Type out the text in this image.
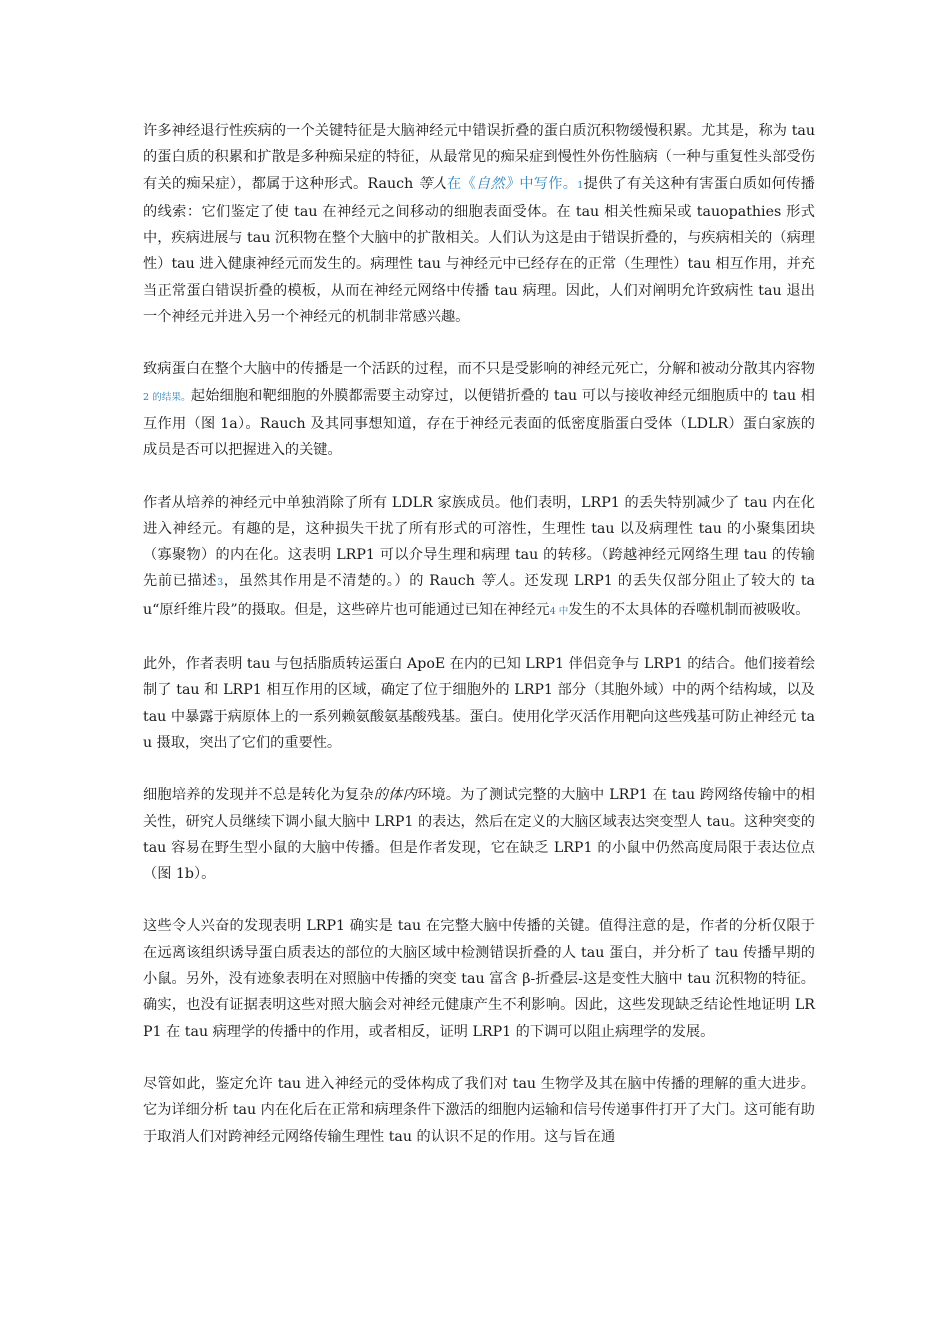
许多神经退行性疾病的一个关键特征是大脑神经元中错误折叠的蛋白质沉积物缓慢积累。尤其是，称为 tau 的蛋白质的积累和扩散是多种痴呆症的特征，从最常见的痴呆症到慢性外伤性脑病（一种与重复性头部受伤有关的痴呆症），都属于这种形式。Rauch 等人在《自然》中写作。1提供了有关这种有害蛋白质如何传播的线索：它们鉴定了使 tau 在神经元之间移动的细胞表面受体。在 tau 相关性痴呆或 tauopathies 形式中，疾病进展与 tau 沉积物在整个大脑中的扩散相关。人们认为这是由于错误折叠的，与疾病相关的（病理性）tau 进入健康神经元而发生的。病理性 tau 与神经元中已经存在的正常（生理性）tau 相互作用，并充当正常蛋白错误折叠的模板，从而在神经元网络中传播 tau 病理。因此，人们对阐明允许致病性 tau 退出一个神经元并进入另一个神经元的机制非常感兴趣。

致病蛋白在整个大脑中的传播是一个活跃的过程，而不只是受影响的神经元死亡，分解和被动分散其内容物2 的结果。起始细胞和靶细胞的外膜都需要主动穿过，以便错折叠的 tau 可以与接收神经元细胞质中的 tau 相互作用（图 1a）。Rauch 及其同事想知道，存在于神经元表面的低密度脂蛋白受体（LDLR）蛋白家族的成员是否可以把握进入的关键。

作者从培养的神经元中单独消除了所有 LDLR 家族成员。他们表明，LRP1 的丢失特别减少了 tau 内在化进入神经元。有趣的是，这种损失干扰了所有形式的可溶性，生理性 tau 以及病理性 tau 的小聚集团块（寡聚物）的内在化。这表明 LRP1 可以介导生理和病理 tau 的转移。（跨越神经元网络生理 tau 的传输先前已描述3，虽然其作用是不清楚的。）的 Rauch 等人。还发现 LRP1 的丢失仅部分阻止了较大的 tau“原纤维片段”的摄取。但是，这些碎片也可能通过已知在神经元4 中发生的不太具体的吞噬机制而被吸收。

此外，作者表明 tau 与包括脂质转运蛋白 ApoE 在内的已知 LRP1 伴侣竞争与 LRP1 的结合。他们接着绘制了 tau 和 LRP1 相互作用的区域，确定了位于细胞外的 LRP1 部分（其胞外域）中的两个结构域，以及 tau 中暴露于病原体上的一系列赖氨酸氨基酸残基。蛋白。使用化学灭活作用靶向这些残基可防止神经元 tau 摄取，突出了它们的重要性。

细胞培养的发现并不总是转化为复杂的体内环境。为了测试完整的大脑中 LRP1 在 tau 跨网络传输中的相关性，研究人员继续下调小鼠大脑中 LRP1 的表达，然后在定义的大脑区域表达突变型人 tau。这种突变的 tau 容易在野生型小鼠的大脑中传播。但是作者发现，它在缺乏 LRP1 的小鼠中仍然高度局限于表达位点（图 1b）。

这些令人兴奋的发现表明 LRP1 确实是 tau 在完整大脑中传播的关键。值得注意的是，作者的分析仅限于在远离该组织诱导蛋白质表达的部位的大脑区域中检测错误折叠的人 tau 蛋白，并分析了 tau 传播早期的小鼠。另外，没有迹象表明在对照脑中传播的突变 tau 富含 β-折叠层-这是变性大脑中 tau 沉积物的特征。确实，也没有证据表明这些对照大脑会对神经元健康产生不利影响。因此，这些发现缺乏结论性地证明 LRP1 在 tau 病理学的传播中的作用，或者相反，证明 LRP1 的下调可以阻止病理学的发展。

尽管如此，鉴定允许 tau 进入神经元的受体构成了我们对 tau 生物学及其在脑中传播的理解的重大进步。它为详细分析 tau 内在化后在正常和病理条件下激活的细胞内运输和信号传递事件打开了大门。这可能有助于取消人们对跨神经元网络传输生理性 tau 的认识不足的作用。这与旨在通
